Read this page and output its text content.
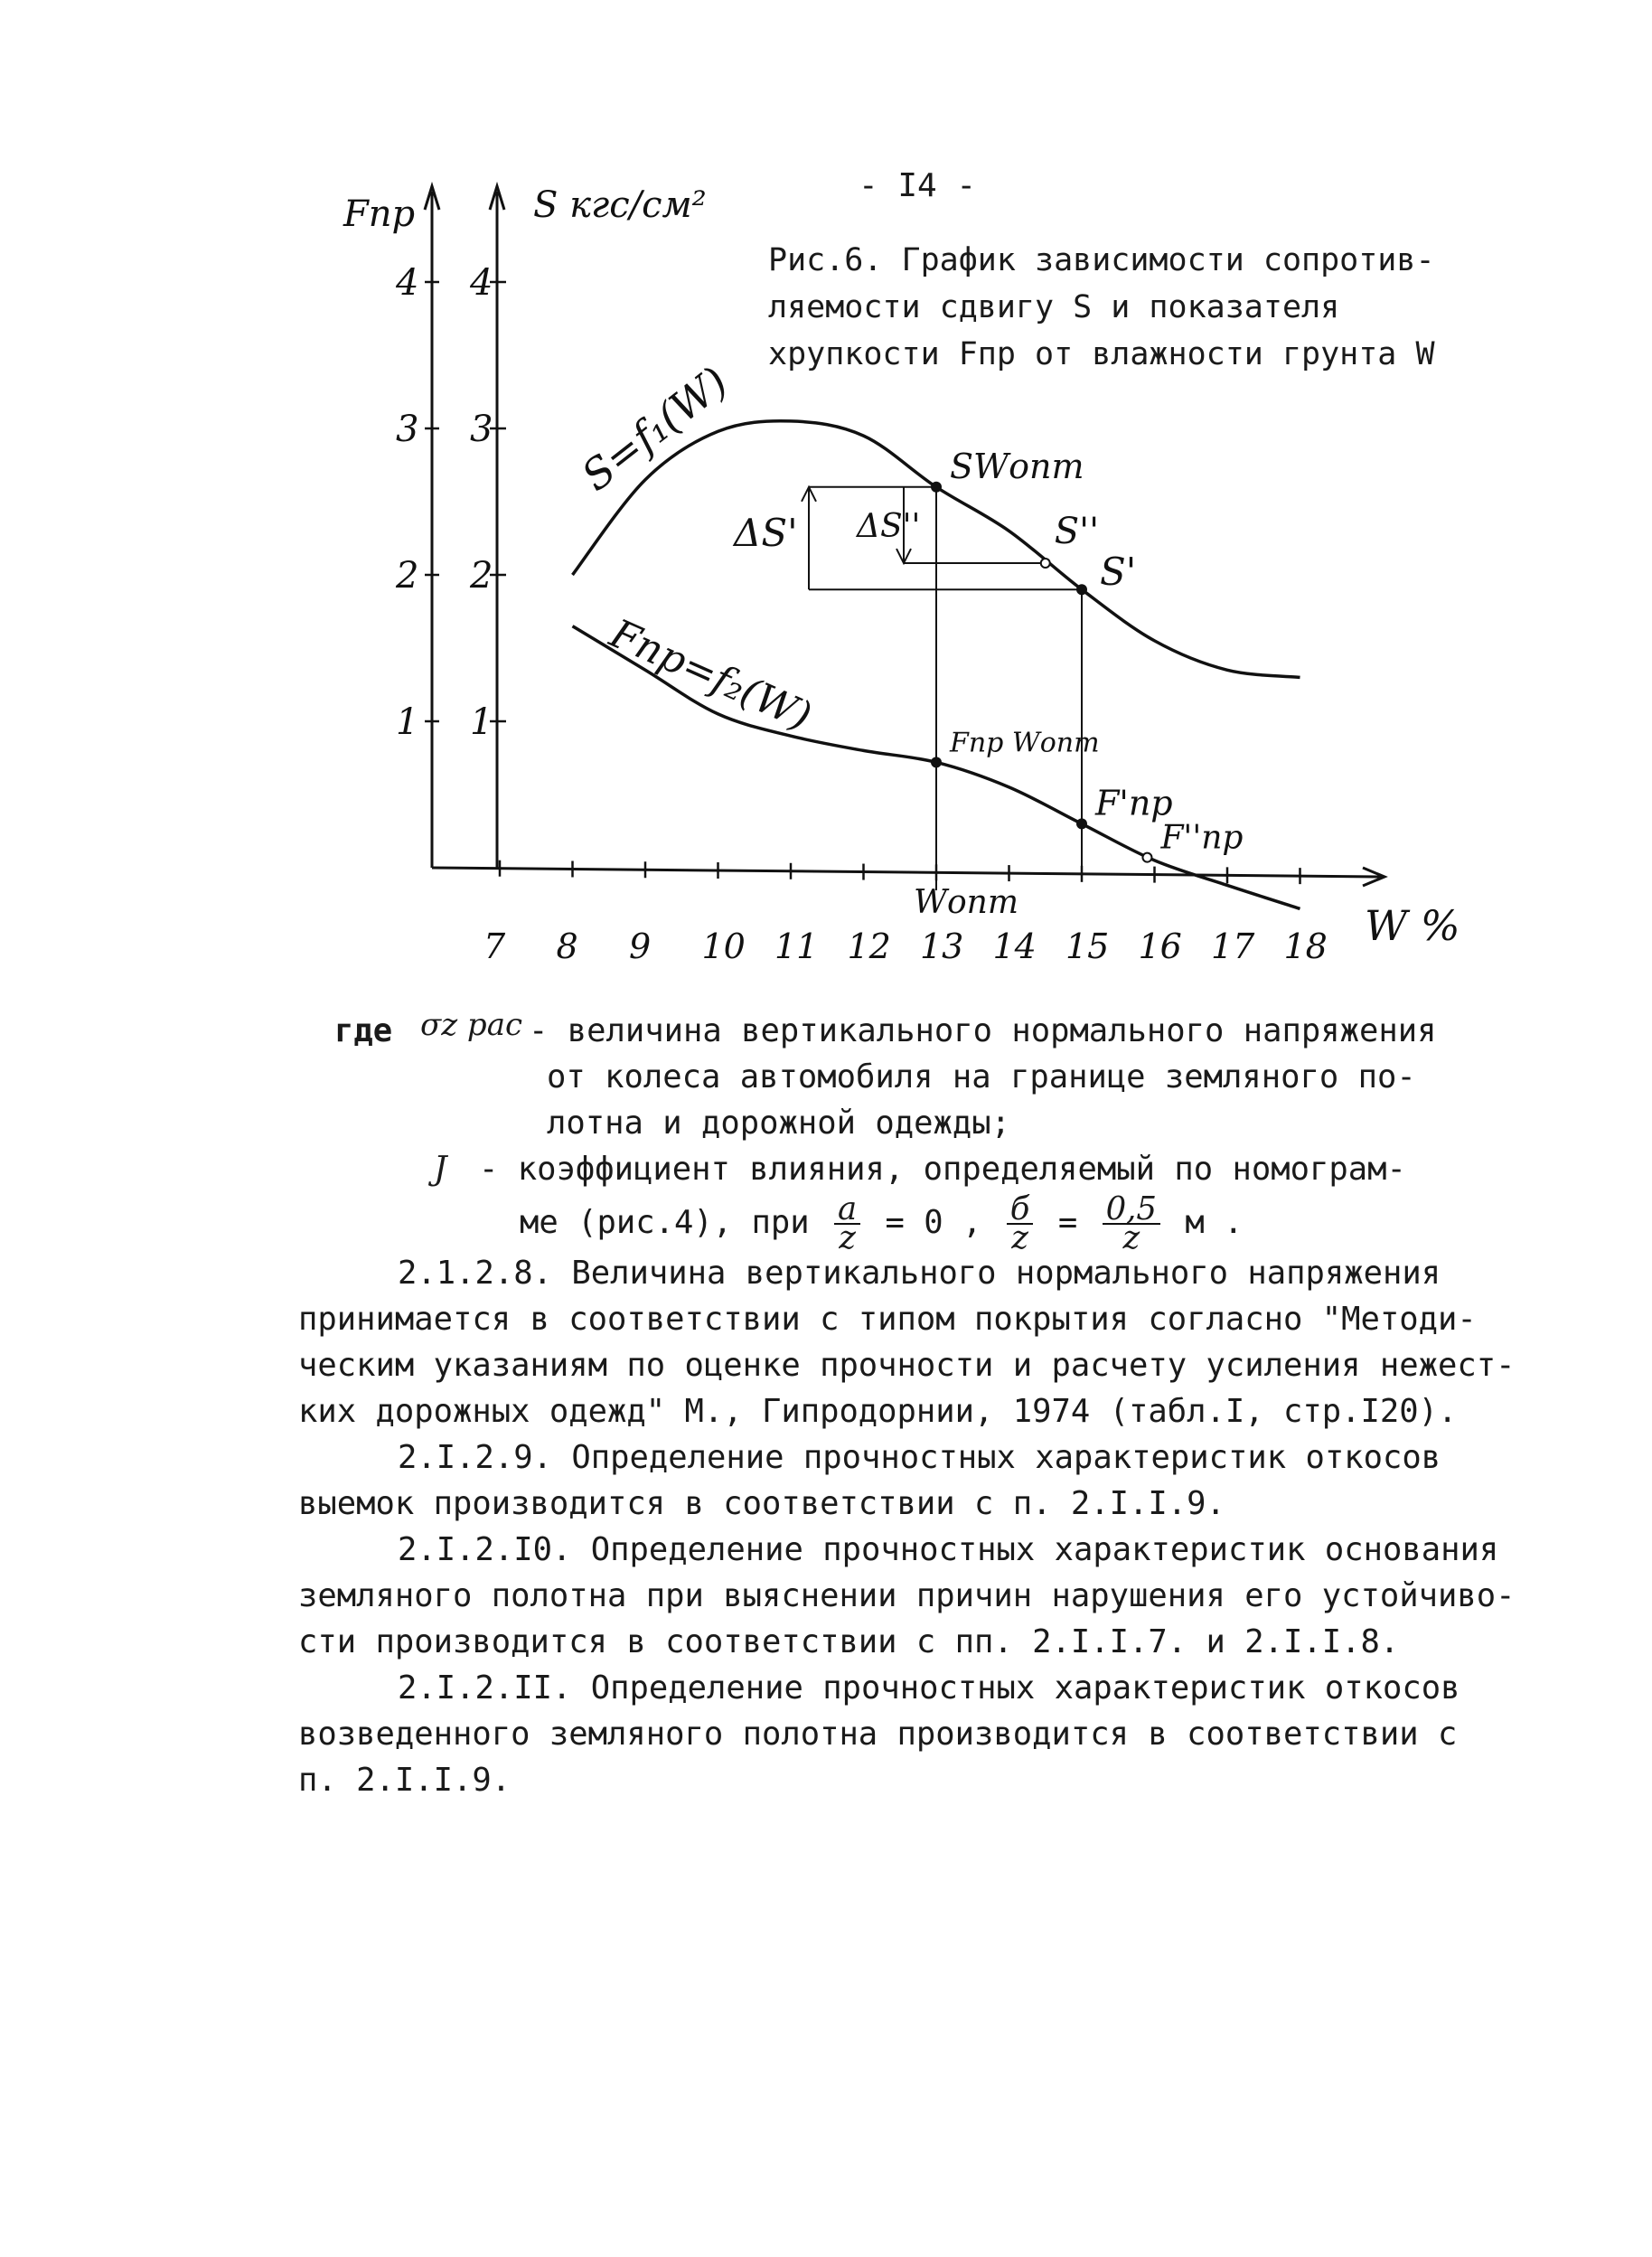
- I4 -
Рис.6. График зависимости сопротив-
ляемости сдвигу S и показателя
хрупкости Fпр от влажности грунта W
Fпр	S кгс/см²
1
2
3
4
1
2
3
4
7 8 9 10 11 12 13 14 15 16 17 18 W %
S=f₁(W)
Fпр=f₂(W)
SWопт
S''
S'
ΔS' ΔS''
Fпр Wопт
F'пр
F''пр
Wопт
где σz рас - величина вертикального нормального напряжения
от колеса автомобиля на границе земляного по-
лотна и дорожной одежды;
J - коэффициент влияния, определяемый по номограм-
ме (рис.4), при $\frac{a}{z} = 0$ , $\frac{б}{z} = \frac{0,5}{z}$ м .
2.1.2.8. Величина вертикального нормального напряжения
принимается в соответствии с типом покрытия согласно "Методи-
ческим указаниям по оценке прочности и расчету усиления нежест-
ких дорожных одежд" М., Гипродорнии, 1974 (табл.I, стр.I20).
2.I.2.9. Определение прочностных характеристик откосов
выемок производится в соответствии с п. 2.I.I.9.
2.I.2.I0. Определение прочностных характеристик основания
земляного полотна при выяснении причин нарушения его устойчиво-
сти производится в соответствии с пп. 2.I.I.7. и 2.I.I.8.
2.I.2.II. Определение прочностных характеристик откосов
возведенного земляного полотна производится в соответствии с
п. 2.I.I.9.
